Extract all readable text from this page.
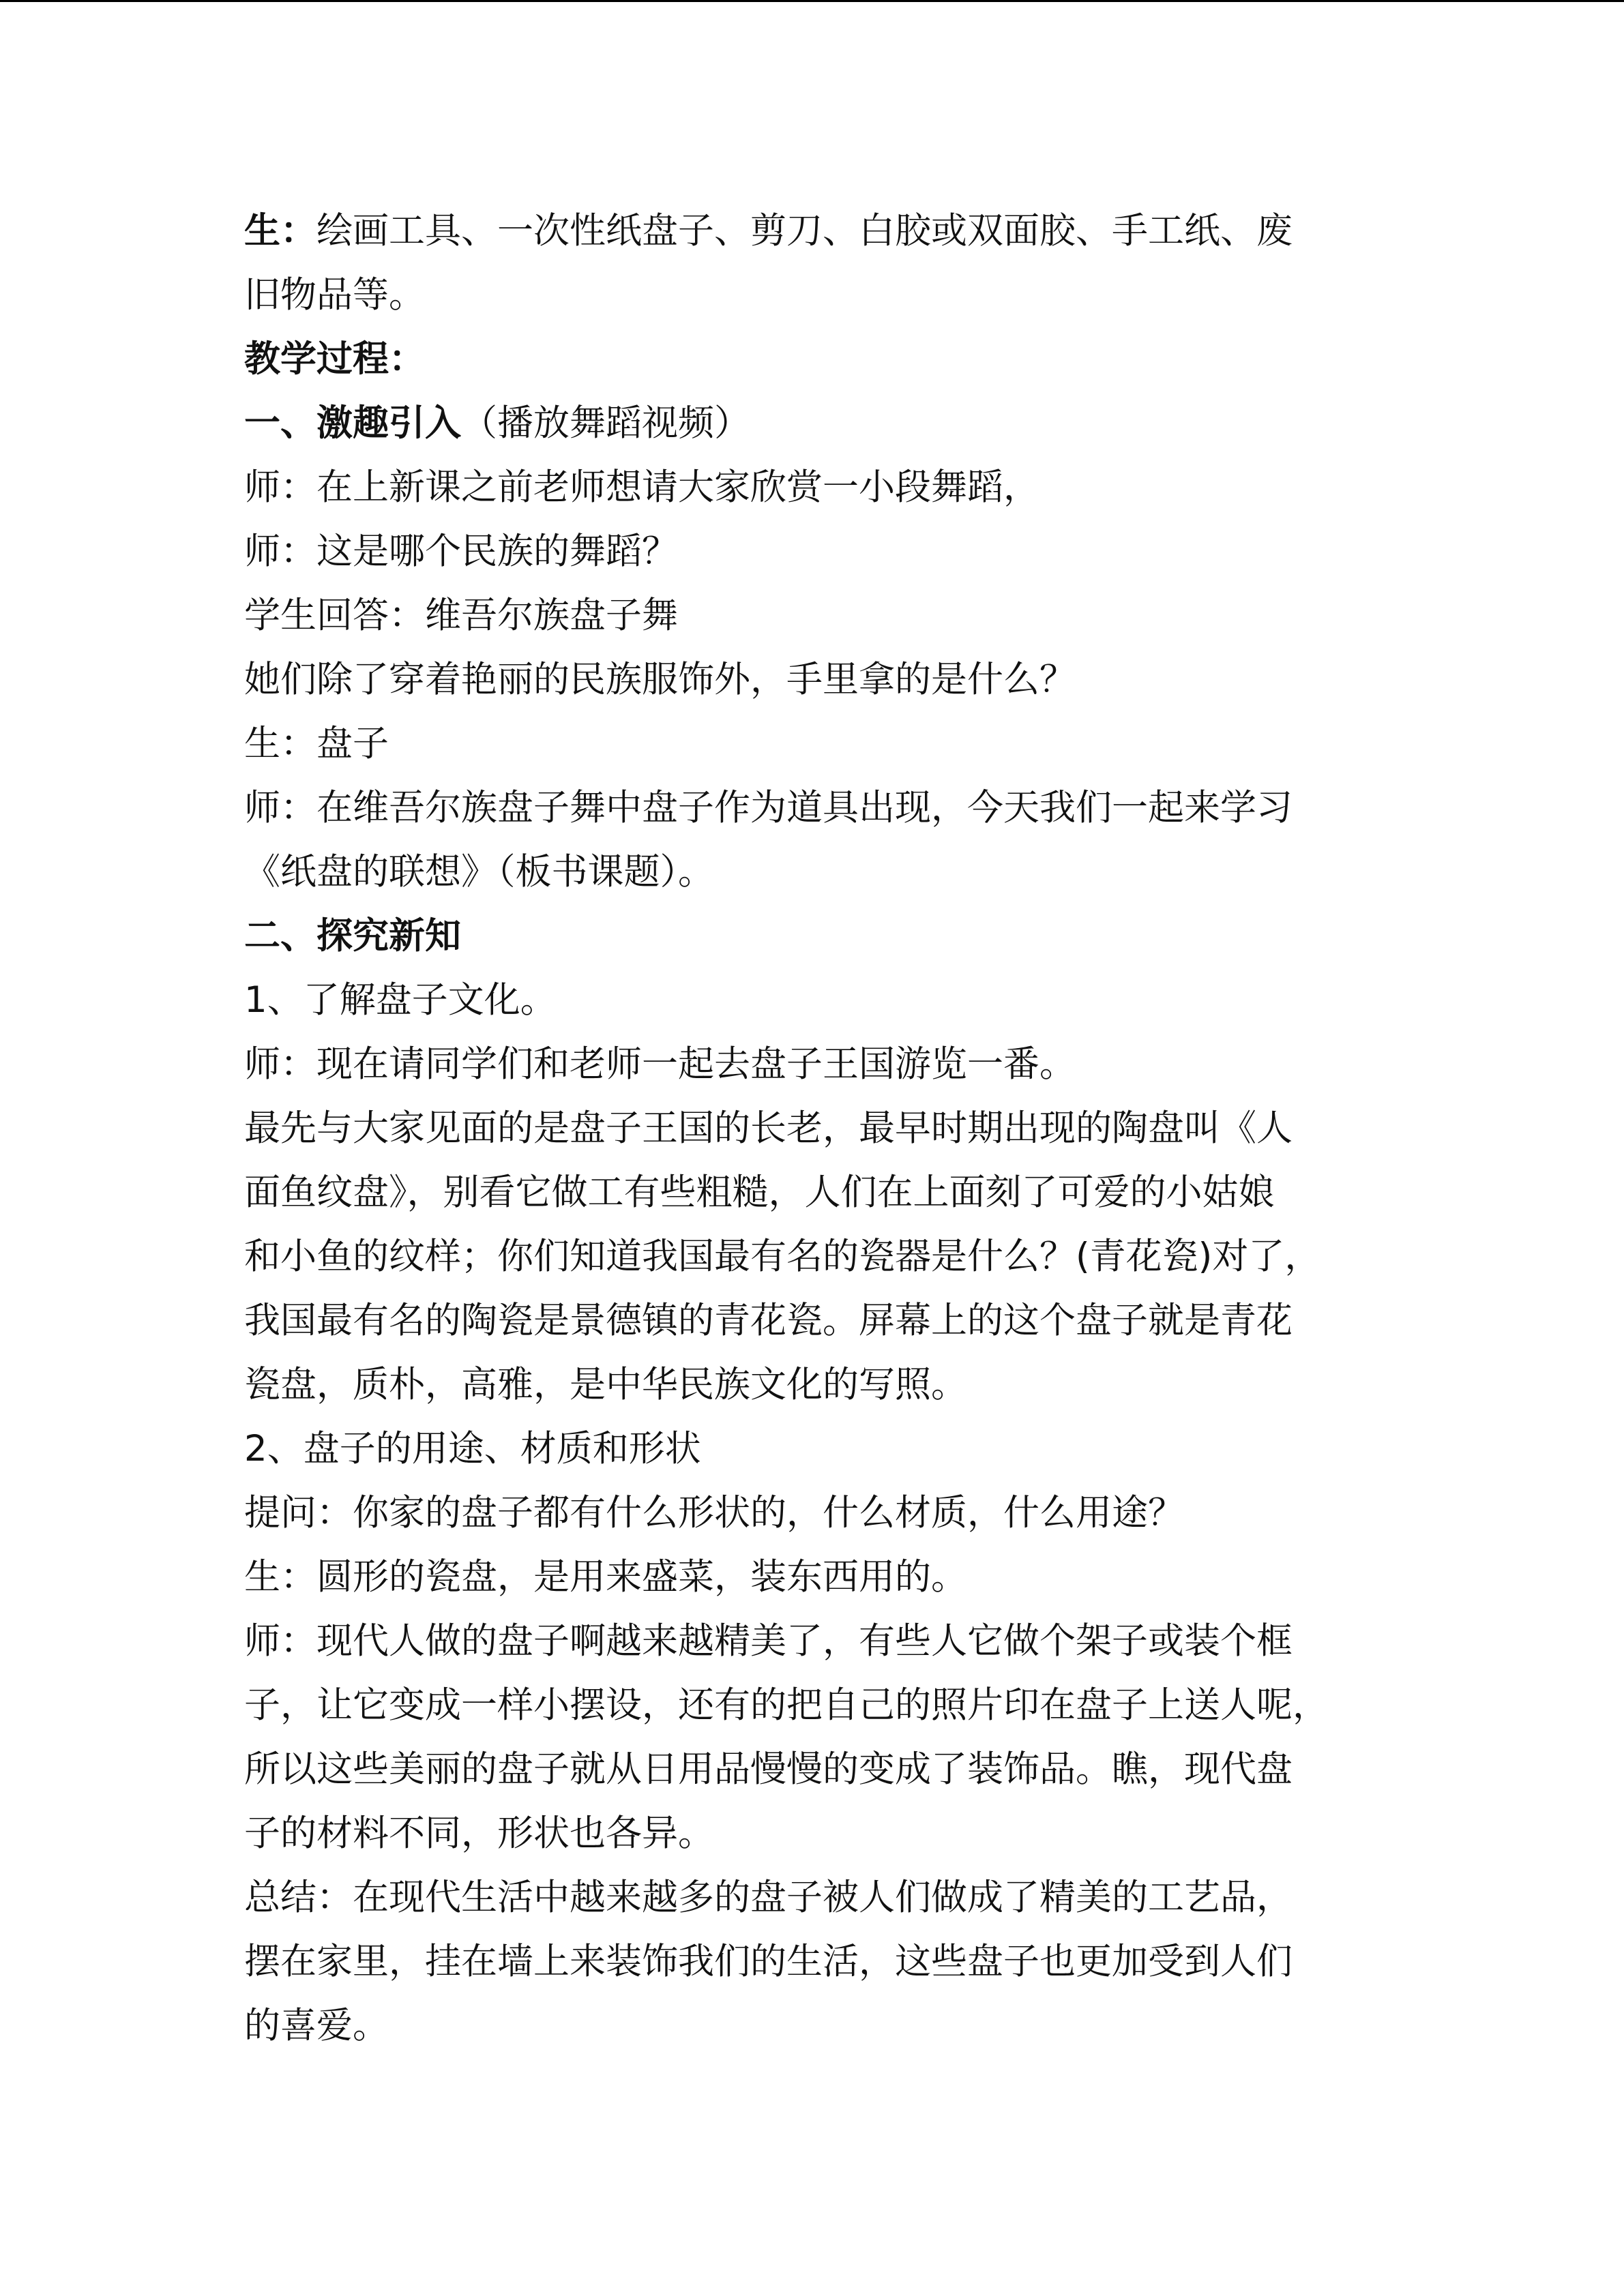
生：绘画工具、一次性纸盘子、剪刀、白胶或双面胶、手工纸、废
旧物品等。
教学过程：
一、激趣引入（播放舞蹈视频）
师：在上新课之前老师想请大家欣赏一小段舞蹈，
师：这是哪个民族的舞蹈？
学生回答：维吾尔族盘子舞
她们除了穿着艳丽的民族服饰外，手里拿的是什么？
生：盘子
师：在维吾尔族盘子舞中盘子作为道具出现，今天我们一起来学习
《纸盘的联想》（板书课题）。
二、探究新知
1、了解盘子文化。
师：现在请同学们和老师一起去盘子王国游览一番。
最先与大家见面的是盘子王国的长老，最早时期出现的陶盘叫《人
面鱼纹盘》，别看它做工有些粗糙，人们在上面刻了可爱的小姑娘
和小鱼的纹样；你们知道我国最有名的瓷器是什么？(青花瓷)对了，
我国最有名的陶瓷是景德镇的青花瓷。屏幕上的这个盘子就是青花
瓷盘，质朴，高雅，是中华民族文化的写照。
2、盘子的用途、材质和形状
提问：你家的盘子都有什么形状的，什么材质，什么用途？
生：圆形的瓷盘，是用来盛菜，装东西用的。
师：现代人做的盘子啊越来越精美了，有些人它做个架子或装个框
子，让它变成一样小摆设，还有的把自己的照片印在盘子上送人呢，
所以这些美丽的盘子就从日用品慢慢的变成了装饰品。瞧，现代盘
子的材料不同，形状也各异。
总结：在现代生活中越来越多的盘子被人们做成了精美的工艺品，
摆在家里，挂在墙上来装饰我们的生活，这些盘子也更加受到人们
的喜爱。
